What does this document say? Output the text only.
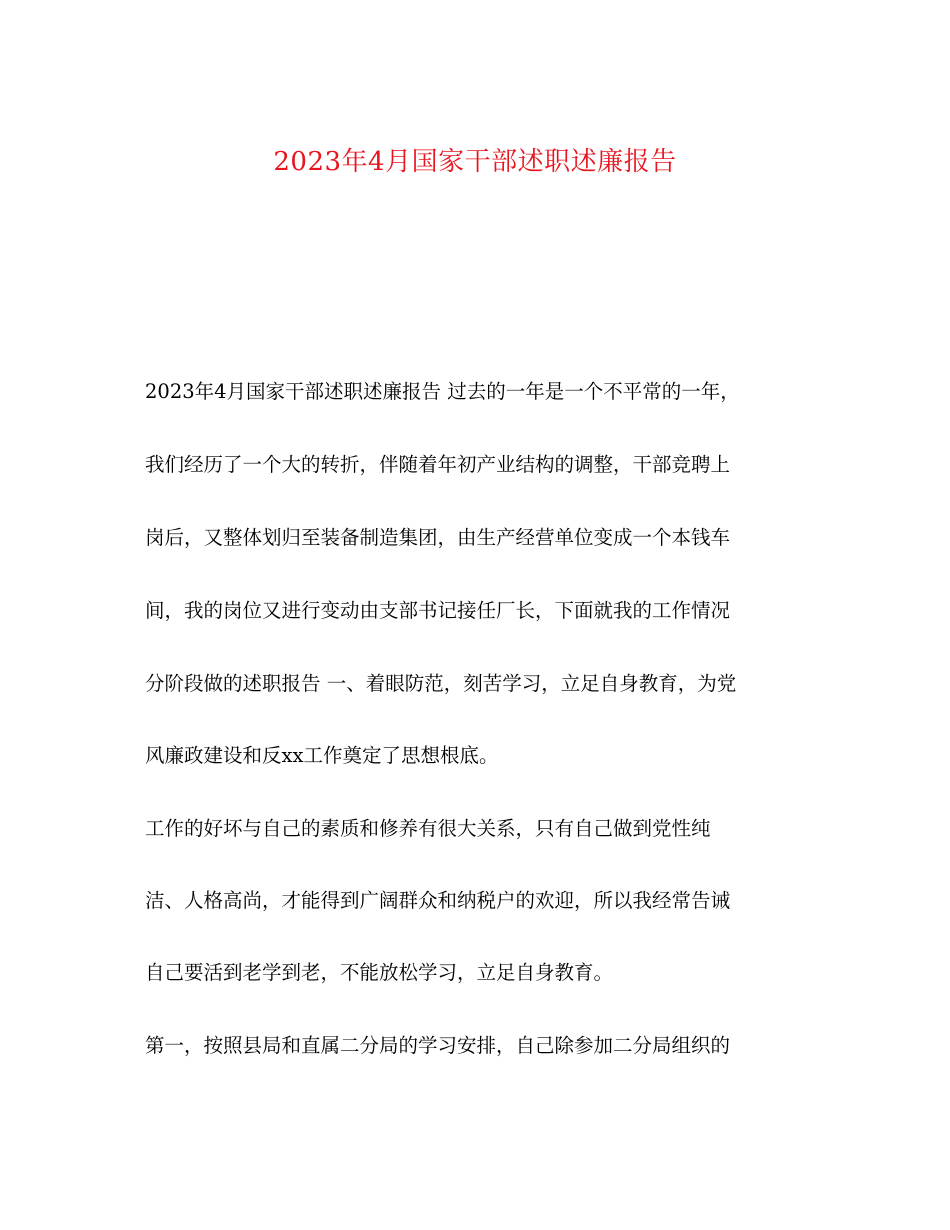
2023年4月国家干部述职述廉报告
2023年4月国家干部述职述廉报告 过去的一年是一个不平常的一年，
我们经历了一个大的转折，伴随着年初产业结构的调整，干部竞聘上
岗后，又整体划归至装备制造集团，由生产经营单位变成一个本钱车
间，我的岗位又进行变动由支部书记接任厂长，下面就我的工作情况
分阶段做的述职报告 一、着眼防范，刻苦学习，立足自身教育，为党
风廉政建设和反xx工作奠定了思想根底。
工作的好坏与自己的素质和修养有很大关系，只有自己做到党性纯
洁、人格高尚，才能得到广阔群众和纳税户的欢迎，所以我经常告诫
自己要活到老学到老，不能放松学习，立足自身教育。
第一，按照县局和直属二分局的学习安排，自己除参加二分局组织的
